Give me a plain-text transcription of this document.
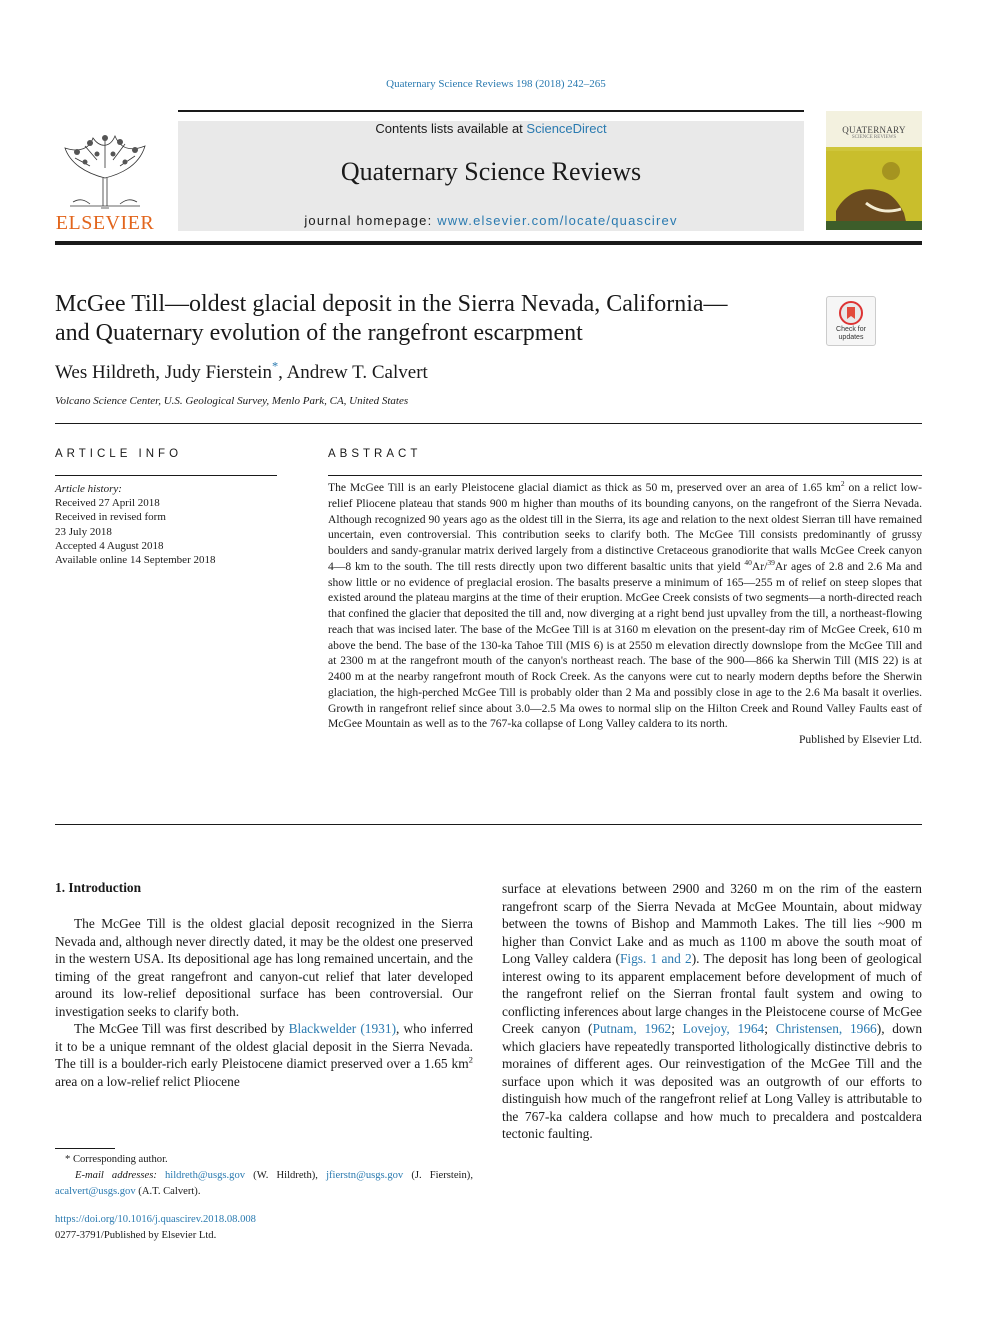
Quaternary Science Reviews 198 (2018) 242–265
ELSEVIER
Contents lists available at ScienceDirect
Quaternary Science Reviews
journal homepage: www.elsevier.com/locate/quascirev
QUATERNARY
SCIENCE REVIEWS
McGee Till—oldest glacial deposit in the Sierra Nevada, California—
and Quaternary evolution of the rangefront escarpment	Check for
updates
Wes Hildreth, Judy Fierstein*, Andrew T. Calvert
Volcano Science Center, U.S. Geological Survey, Menlo Park, CA, United States
ARTICLE INFO
Article history:
Received 27 April 2018
Received in revised form
23 July 2018
Accepted 4 August 2018
Available online 14 September 2018
ABSTRACT

The McGee Till is an early Pleistocene glacial diamict as thick as 50 m, preserved over an area of 1.65 $km^2$ on a relict low-relief Pliocene plateau that stands 900 m higher than mouths of its bounding canyons, on the rangefront of the Sierra Nevada. Although recognized 90 years ago as the oldest till in the Sierra, its age and relation to the next oldest Sierran till have remained uncertain, even controversial. This contribution seeks to clarify both. The McGee Till consists predominantly of grussy boulders and sandy-granular matrix derived largely from a distinctive Cretaceous granodiorite that walls McGee Creek canyon 4—8 km to the south. The till rests directly upon two different basaltic units that yield $^{40}$Ar/$^{39}$Ar ages of 2.8 and 2.6 Ma and show little or no evidence of preglacial erosion. The basalts preserve a minimum of 165—255 m of relief on steep slopes that existed around the plateau margins at the time of their eruption. McGee Creek consists of two segments—a north-directed reach that confined the glacier that deposited the till and, now diverging at a right bend just upvalley from the till, a northeast-flowing reach that was incised later. The base of the McGee Till is at 3160 m elevation on the present-day rim of McGee Creek, 610 m above the bend. The base of the 130-ka Tahoe Till (MIS 6) is at 2550 m elevation directly downslope from the McGee Till and at 2300 m at the rangefront mouth of the canyon's northeast reach. The base of the 900—866 ka Sherwin Till (MIS 22) is at 2400 m at the nearby rangefront mouth of Rock Creek. As the canyons were cut to nearly modern depths before the Sherwin glaciation, the high-perched McGee Till is probably older than 2 Ma and possibly close in age to the 2.6 Ma basalt it overlies. Growth in rangefront relief since about 3.0—2.5 Ma owes to normal slip on the Hilton Creek and Round Valley Faults east of McGee Mountain as well as to the 767-ka collapse of Long Valley caldera to its north.

Published by Elsevier Ltd.

1. Introduction

The McGee Till is the oldest glacial deposit recognized in the Sierra Nevada and, although never directly dated, it may be the oldest one preserved in the western USA. Its depositional age has long remained uncertain, and the timing of the great rangefront and canyon-cut relief that later developed around its low-relief depositional surface has been controversial. Our investigation seeks to clarify both.

The McGee Till was first described by Blackwelder (1931), who inferred it to be a unique remnant of the oldest glacial deposit in the Sierra Nevada. The till is a boulder-rich early Pleistocene diamict preserved over a 1.65 $km^2$ area on a low-relief relict Pliocene

surface at elevations between 2900 and 3260 m on the rim of the eastern rangefront scarp of the Sierra Nevada at McGee Mountain, about midway between the towns of Bishop and Mammoth Lakes. The till lies ~900 m higher than Convict Lake and as much as 1100 m above the south moat of Long Valley caldera (Figs. 1 and 2). The deposit has long been of geological interest owing to its apparent emplacement before development of much of the rangefront relief on the Sierran frontal fault system and owing to conflicting inferences about large changes in the Pleistocene course of McGee Creek canyon (Putnam, 1962; Lovejoy, 1964; Christensen, 1966), down which glaciers have repeatedly transported lithologically distinctive debris to moraines of different ages. Our reinvestigation of the McGee Till and the surface upon which it was deposited was an outgrowth of our efforts to distinguish how much of the rangefront relief at Long Valley is attributable to the 767-ka caldera collapse and how much to precaldera and postcaldera tectonic faulting.

* Corresponding author.
E-mail addresses: hildreth@usgs.gov (W. Hildreth), jfierstn@usgs.gov (J. Fierstein), acalvert@usgs.gov (A.T. Calvert).
https://doi.org/10.1016/j.quascirev.2018.08.008
0277-3791/Published by Elsevier Ltd.
